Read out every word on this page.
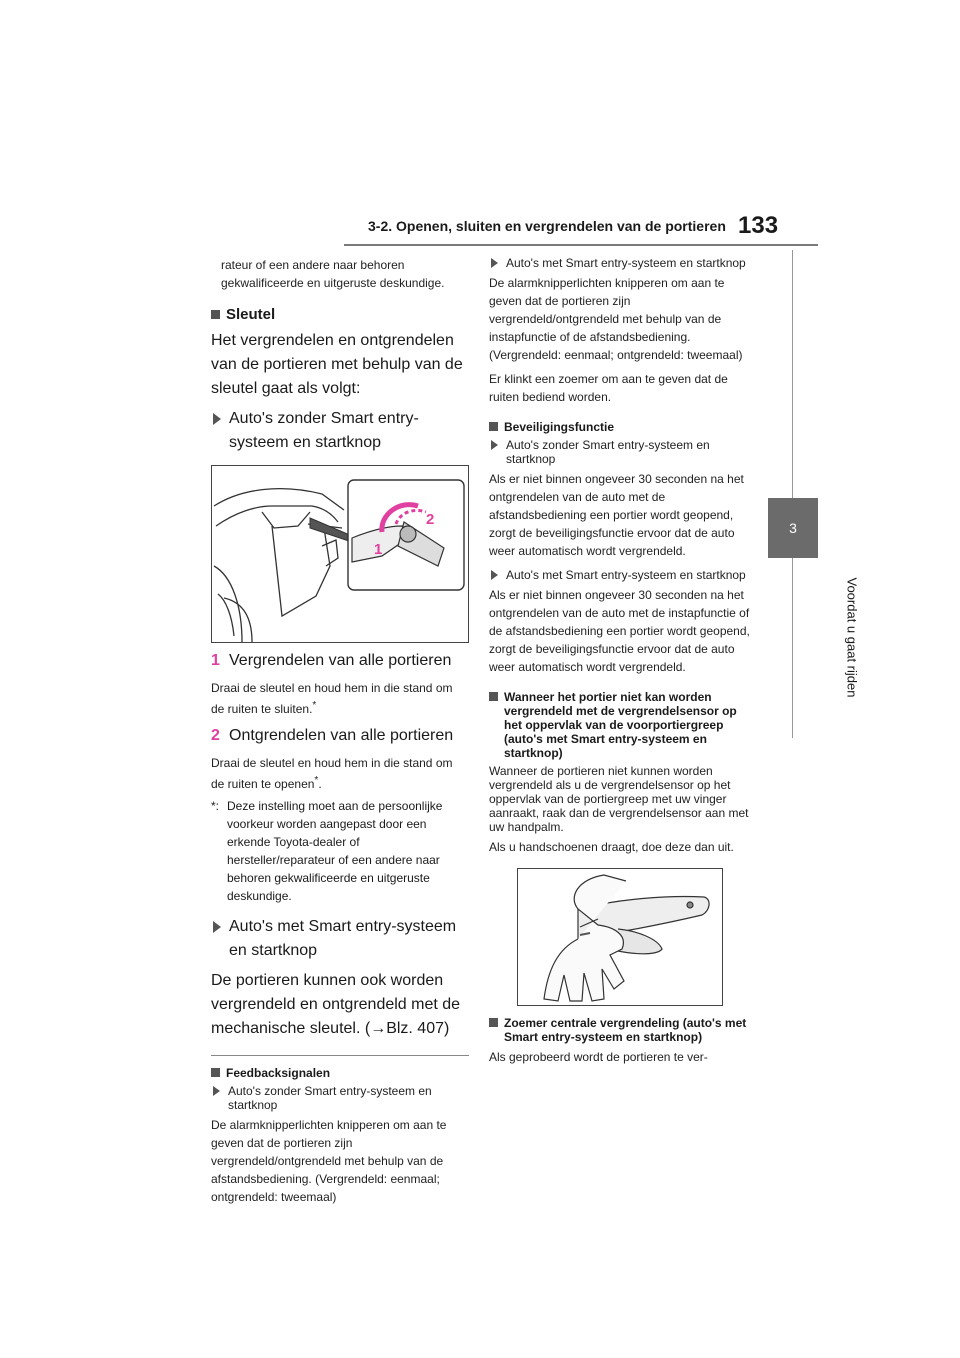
3-2. Openen, sluiten en vergrendelen van de portieren 133
3
Voordat u gaat rijden

rateur of een andere naar behoren

gekwalificeerde en uitgeruste deskundige.

Sleutel

Het vergrendelen en ontgrendelen van de portieren met behulp van de sleutel gaat als volgt:

Auto's zonder Smart entry-systeem en startknop
1
2
1 Vergrendelen van alle portieren

Draai de sleutel en houd hem in die stand om de ruiten te sluiten.*

2 Ontgrendelen van alle portieren

Draai de sleutel en houd hem in die stand om de ruiten te openen*.

*: Deze instelling moet aan de persoonlijke voorkeur worden aangepast door een erkende Toyota-dealer of hersteller/reparateur of een andere naar behoren gekwalificeerde en uitgeruste deskundige.
Auto's met Smart entry-systeem en startknop

De portieren kunnen ook worden vergrendeld en ontgrendeld met de mechanische sleutel. (→Blz. 407)

Feedbacksignalen
Auto's zonder Smart entry-systeem en startknop

De alarmknipperlichten knipperen om aan te geven dat de portieren zijn vergrendeld/ontgrendeld met behulp van de afstandsbediening. (Vergrendeld: eenmaal; ontgrendeld: tweemaal)

Auto's met Smart entry-systeem en startknop

De alarmknipperlichten knipperen om aan te geven dat de portieren zijn vergrendeld/ontgrendeld met behulp van de instapfunctie of de afstandsbediening. (Vergrendeld: eenmaal; ontgrendeld: tweemaal)

Er klinkt een zoemer om aan te geven dat de ruiten bediend worden.

Beveiligingsfunctie
Auto's zonder Smart entry-systeem en startknop

Als er niet binnen ongeveer 30 seconden na het ontgrendelen van de auto met de afstandsbediening een portier wordt geopend, zorgt de beveiligingsfunctie ervoor dat de auto weer automatisch wordt vergrendeld.

Auto's met Smart entry-systeem en startknop

Als er niet binnen ongeveer 30 seconden na het ontgrendelen van de auto met de instapfunctie of de afstandsbediening een portier wordt geopend, zorgt de beveiligingsfunctie ervoor dat de auto weer automatisch wordt vergrendeld.

Wanneer het portier niet kan worden vergrendeld met de vergrendelsensor op het oppervlak van de voorportiergreep (auto's met Smart entry-systeem en startknop)

Wanneer de portieren niet kunnen worden vergrendeld als u de vergrendelsensor op het oppervlak van de portiergreep met uw vinger aanraakt, raak dan de vergrendelsensor aan met uw handpalm.

Als u handschoenen draagt, doe deze dan uit.

Zoemer centrale vergrendeling (auto's met Smart entry-systeem en startknop)

Als geprobeerd wordt de portieren te ver-
